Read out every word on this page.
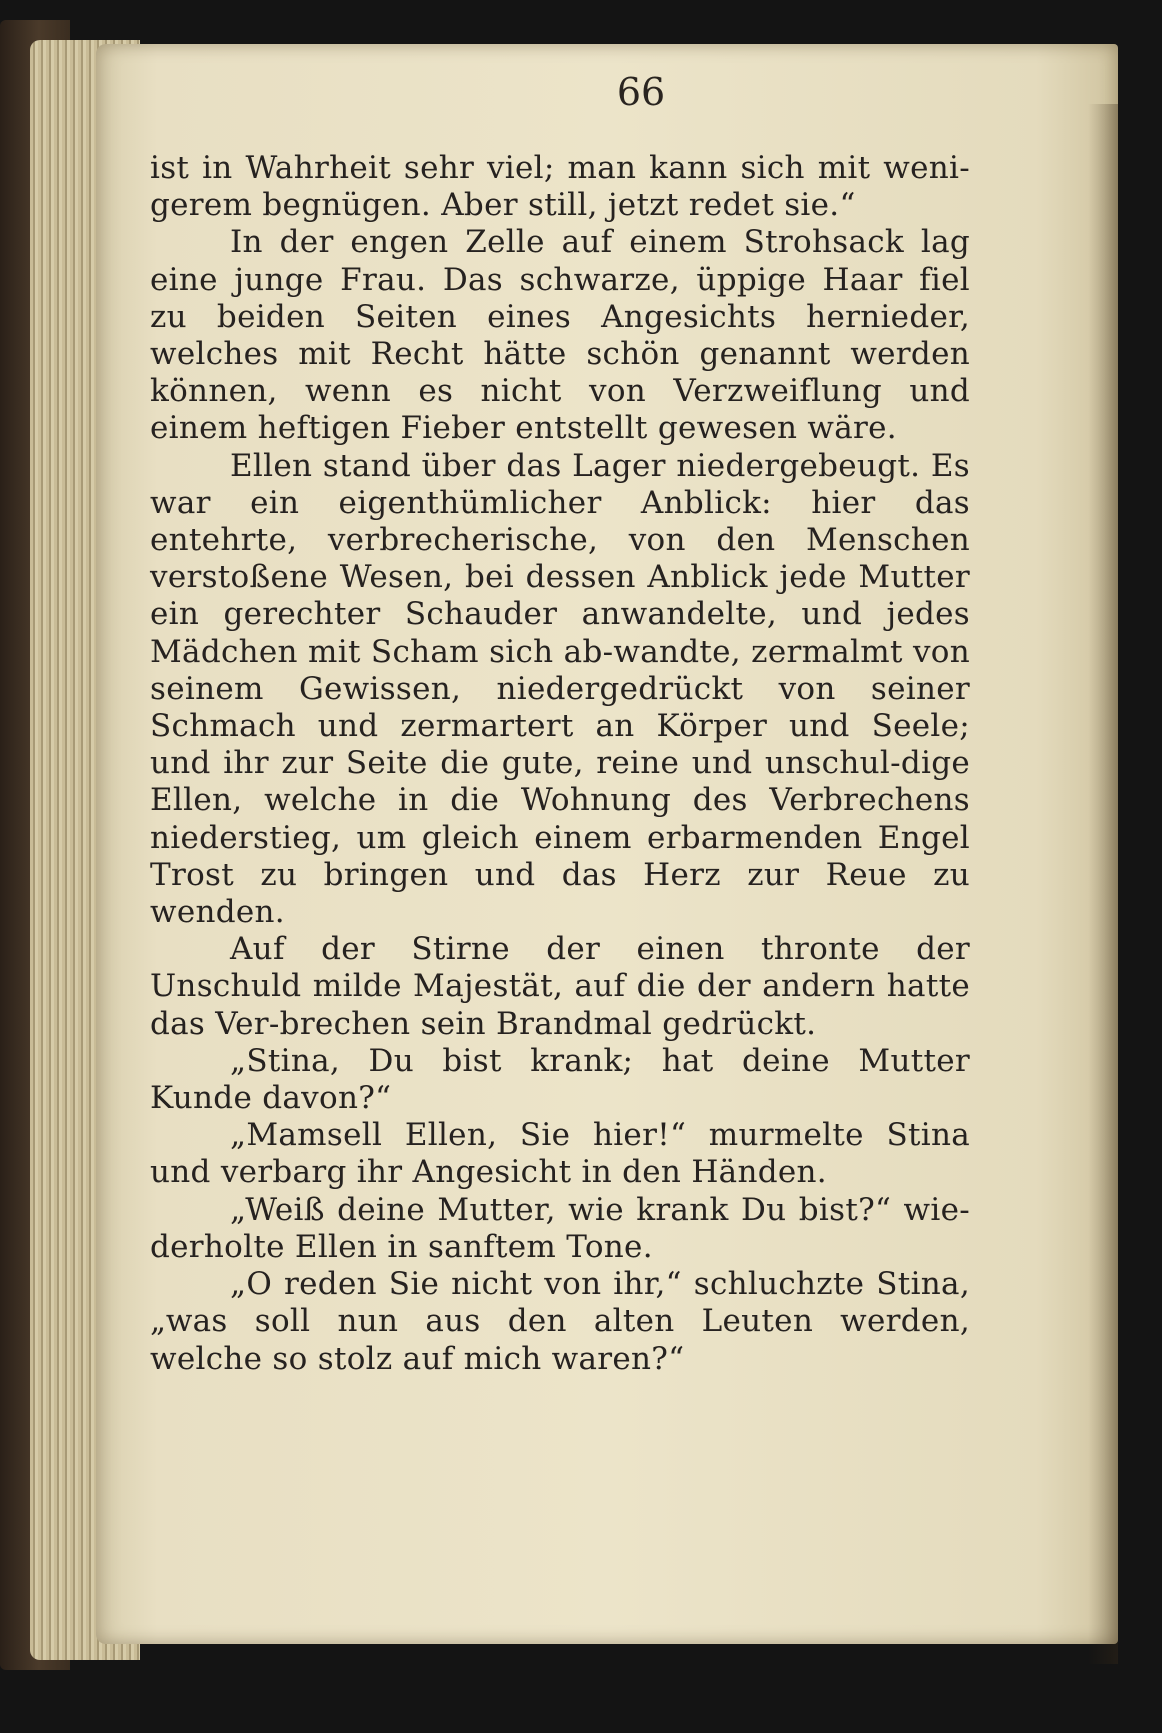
66

ist in Wahrheit sehr viel; man kann sich mit weni-gerem begnügen. Aber still, jetzt redet sie.“

In der engen Zelle auf einem Strohsack lag eine junge Frau. Das schwarze, üppige Haar fiel zu beiden Seiten eines Angesichts hernieder, welches mit Recht hätte schön genannt werden können, wenn es nicht von Verzweiflung und einem heftigen Fieber entstellt gewesen wäre.

Ellen stand über das Lager niedergebeugt. Es war ein eigenthümlicher Anblick: hier das entehrte, verbrecherische, von den Menschen verstoßene Wesen, bei dessen Anblick jede Mutter ein gerechter Schauder anwandelte, und jedes Mädchen mit Scham sich ab-wandte, zermalmt von seinem Gewissen, niedergedrückt von seiner Schmach und zermartert an Körper und Seele; und ihr zur Seite die gute, reine und unschul-dige Ellen, welche in die Wohnung des Verbrechens niederstieg, um gleich einem erbarmenden Engel Trost zu bringen und das Herz zur Reue zu wenden.

Auf der Stirne der einen thronte der Unschuld milde Majestät, auf die der andern hatte das Ver-brechen sein Brandmal gedrückt.

„Stina, Du bist krank; hat deine Mutter Kunde davon?“

„Mamsell Ellen, Sie hier!“ murmelte Stina und verbarg ihr Angesicht in den Händen.

„Weiß deine Mutter, wie krank Du bist?“ wie-derholte Ellen in sanftem Tone.

„O reden Sie nicht von ihr,“ schluchzte Stina, „was soll nun aus den alten Leuten werden, welche so stolz auf mich waren?“
